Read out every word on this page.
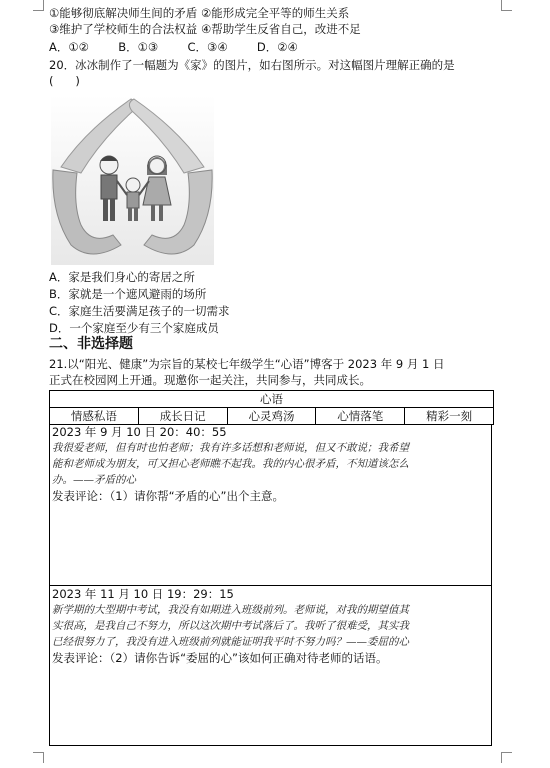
①能够彻底解决师生间的矛盾 ②能形成完全平等的师生关系
③维护了学校师生的合法权益 ④帮助学生反省自己，改进不足
A．①②        B．①③        C．③④        D．②④
20．冰冰制作了一幅题为《家》的图片，如右图所示。对这幅图片理解正确的是
(      )
A．家是我们身心的寄居之所
B．家就是一个遮风避雨的场所
C．家庭生活要满足孩子的一切需求
D．一个家庭至少有三个家庭成员
二、非选择题
21.以“阳光、健康”为宗旨的某校七年级学生“心语”博客于 2023 年 9 月 1 日
正式在校园网上开通。现邀你一起关注，共同参与，共同成长。
心语
情感私语	成长日记	心灵鸡汤	心情落笔	精彩一刻
2023 年 9 月 10 日 20：40：55
我很爱老师，但有时也怕老师；我有许多话想和老师说，但又不敢说；我希望
能和老师成为朋友，可又担心老师瞧不起我。我的内心很矛盾，不知道该怎么
办。——矛盾的心
发表评论：（1）请你帮“矛盾的心”出个主意。
2023 年 11 月 10 日 19：29：15
新学期的大型期中考试，我没有如期进入班级前列。老师说，对我的期望值其
实很高，是我自己不努力，所以这次期中考试落后了。我听了很难受，其实我
已经很努力了，我没有进入班级前列就能证明我平时不努力吗？——委屈的心
发表评论：（2）请你告诉“委屈的心”该如何正确对待老师的话语。
